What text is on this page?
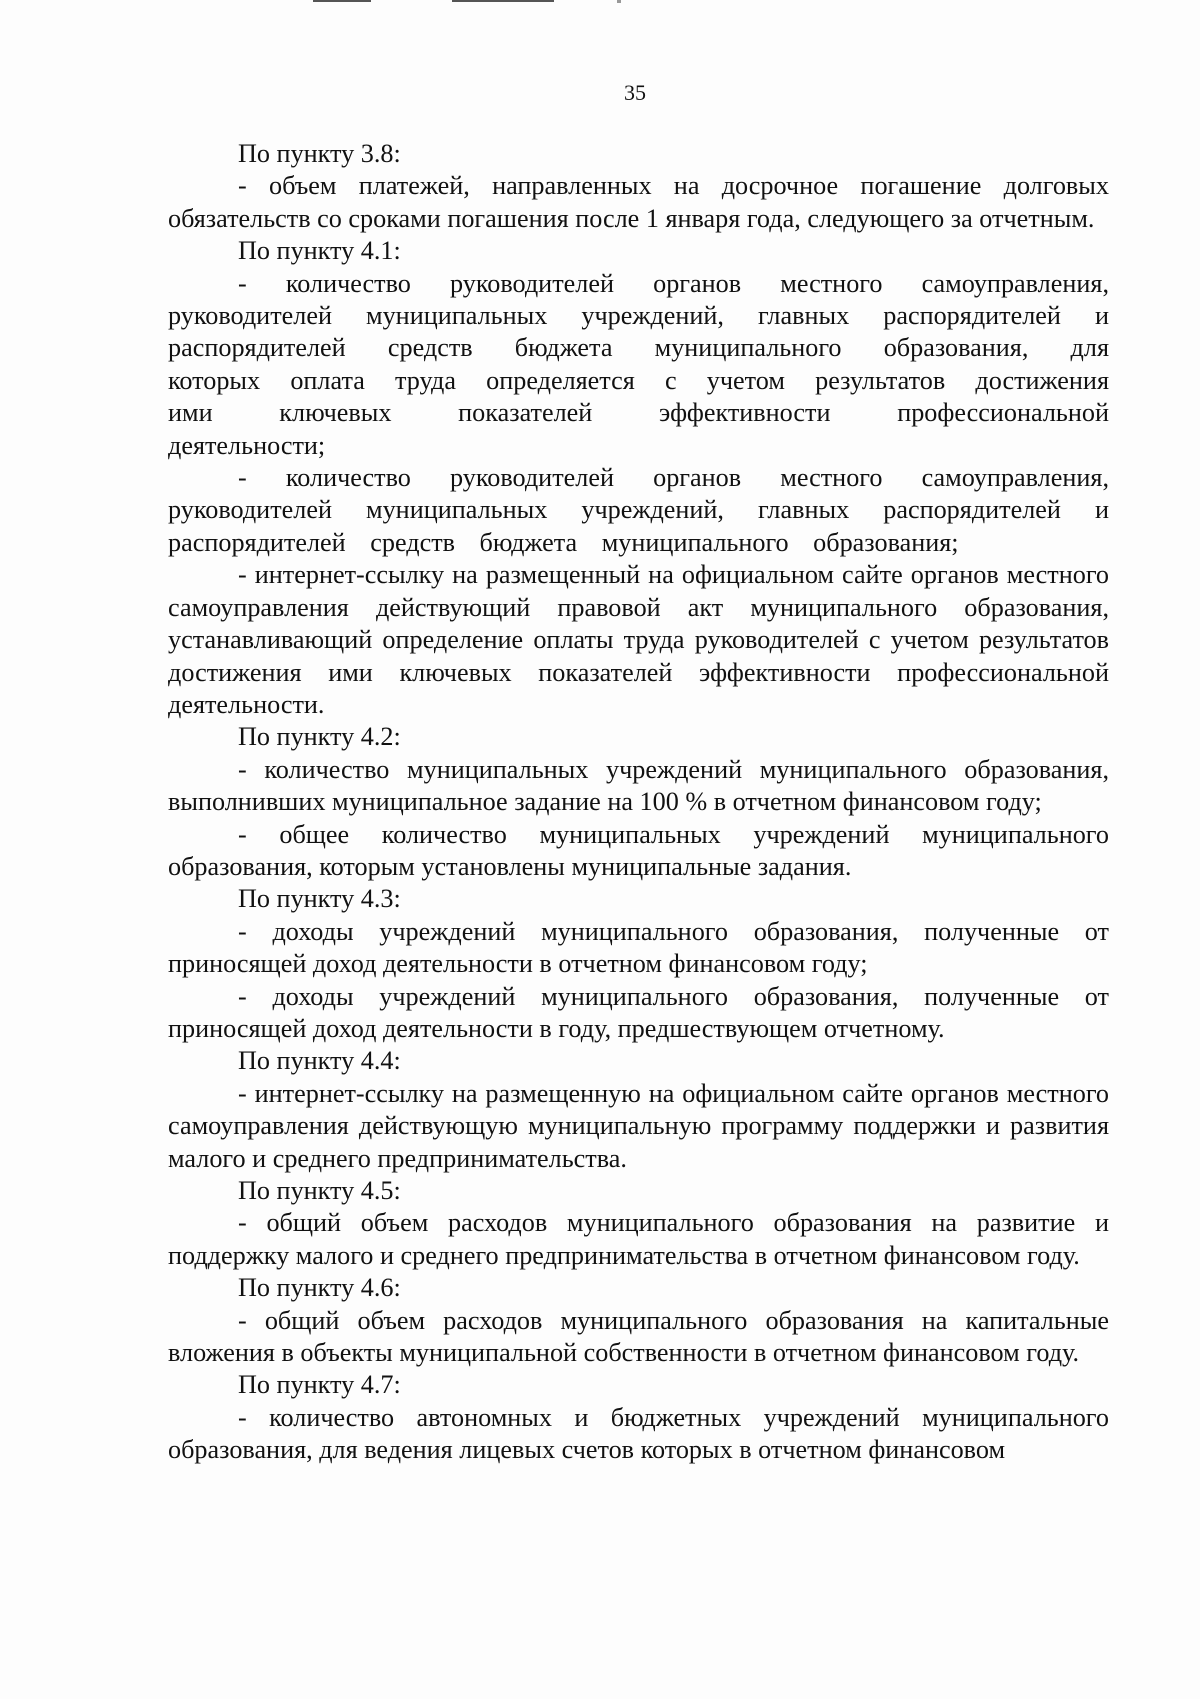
35

По пункту 3.8:

- объем платежей, направленных на досрочное погашение долговых обязательств со сроками погашения после 1 января года, следующего за отчетным.

По пункту 4.1:

- количество руководителей органов местного самоуправления, руководителей муниципальных учреждений, главных распорядителей и распорядителей средств бюджета муниципального образования, для которых оплата труда определяется с учетом результатов достижения ими ключевых показателей эффективности профессиональной деятельности;

- количество руководителей органов местного самоуправления, руководителей муниципальных учреждений, главных распорядителей и распорядителей средств бюджета муниципального образования;

- интернет-ссылку на размещенный на официальном сайте органов местного самоуправления действующий правовой акт муниципального образования, устанавливающий определение оплаты труда руководителей с учетом результатов достижения ими ключевых показателей эффективности профессиональной деятельности.

По пункту 4.2:

- количество муниципальных учреждений муниципального образования, выполнивших муниципальное задание на 100 % в отчетном финансовом году;

- общее количество муниципальных учреждений муниципального образования, которым установлены муниципальные задания.

По пункту 4.3:

- доходы учреждений муниципального образования, полученные от приносящей доход деятельности в отчетном финансовом году;

- доходы учреждений муниципального образования, полученные от приносящей доход деятельности в году, предшествующем отчетному.

По пункту 4.4:

- интернет-ссылку на размещенную на официальном сайте органов местного самоуправления действующую муниципальную программу поддержки и развития малого и среднего предпринимательства.

По пункту 4.5:

- общий объем расходов муниципального образования на развитие и поддержку малого и среднего предпринимательства в отчетном финансовом году.

По пункту 4.6:

- общий объем расходов муниципального образования на капитальные вложения в объекты муниципальной собственности в отчетном финансовом году.

По пункту 4.7:

- количество автономных и бюджетных учреждений муниципального образования, для ведения лицевых счетов которых в отчетном финансовом
